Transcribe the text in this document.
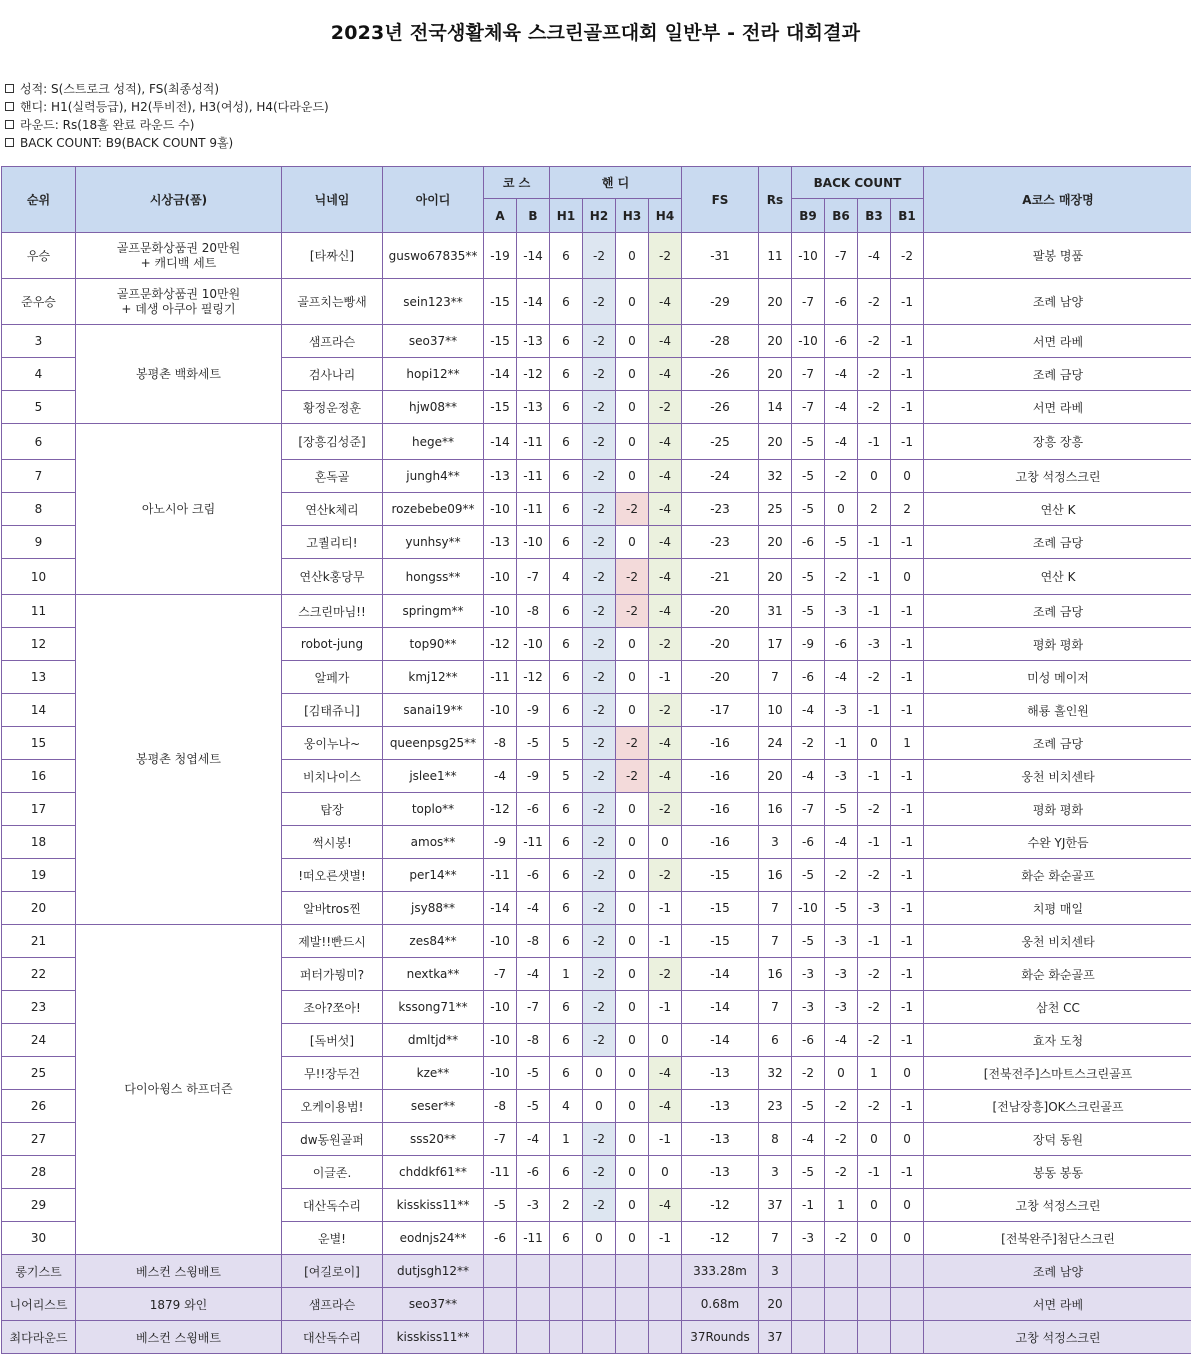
2023년 전국생활체육 스크린골프대회 일반부 - 전라 대회결과
성적: S(스트로크 성적), FS(최종성적)
핸디: H1(실력등급), H2(투비전), H3(여성), H4(다라운드)
라운드: Rs(18홀 완료 라운드 수)
BACK COUNT: B9(BACK COUNT 9홀)
순위	시상금(품)	닉네임	아이디	코 스		핸 디				FS	Rs	BACK COUNT				A코스 매장명
				A	B	H1	H2	H3	H4			B9	B6	B3	B1	
우승	골프문화상품권 20만원
+ 캐디백 세트	[타짜신]	guswo67835**	-19	-14	6	-2	0	-2	-31	11	-10	-7	-4	-2	팔봉 명품
준우승	골프문화상품권 10만원
+ 데생 아쿠아 필링기	골프치는빵새	sein123**	-15	-14	6	-2	0	-4	-29	20	-7	-6	-2	-1	조례 남양
3	봉평촌 백화세트	샘프라슨	seo37**	-15	-13	6	-2	0	-4	-28	20	-10	-6	-2	-1	서면 라베
4		검사나리	hopi12**	-14	-12	6	-2	0	-4	-26	20	-7	-4	-2	-1	조례 금당
5		황정운정훈	hjw08**	-15	-13	6	-2	0	-2	-26	14	-7	-4	-2	-1	서면 라베
6	아노시아 크림	[장흥김성준]	hege**	-14	-11	6	-2	0	-4	-25	20	-5	-4	-1	-1	장흥 장흥
7		혼독골	jungh4**	-13	-11	6	-2	0	-4	-24	32	-5	-2	0	0	고창 석정스크린
8		연산k체리	rozebebe09**	-10	-11	6	-2	-2	-4	-23	25	-5	0	2	2	연산 K
9		고퀄리티!	yunhsy**	-13	-10	6	-2	0	-4	-23	20	-6	-5	-1	-1	조례 금당
10		연산k홍당무	hongss**	-10	-7	4	-2	-2	-4	-21	20	-5	-2	-1	0	연산 K
11	봉평촌 청엽세트	스크린마님!!	springm**	-10	-8	6	-2	-2	-4	-20	31	-5	-3	-1	-1	조례 금당
12		robot-jung	top90**	-12	-10	6	-2	0	-2	-20	17	-9	-6	-3	-1	평화 평화
13		알페가	kmj12**	-11	-12	6	-2	0	-1	-20	7	-6	-4	-2	-1	미성 메이저
14		[김태쥬니]	sanai19**	-10	-9	6	-2	0	-2	-17	10	-4	-3	-1	-1	해룡 홀인원
15		웅이누나~	queenpsg25**	-8	-5	5	-2	-2	-4	-16	24	-2	-1	0	1	조례 금당
16		비치나이스	jslee1**	-4	-9	5	-2	-2	-4	-16	20	-4	-3	-1	-1	웅천 비치센타
17		탑장	toplo**	-12	-6	6	-2	0	-2	-16	16	-7	-5	-2	-1	평화 평화
18		썩시봉!	amos**	-9	-11	6	-2	0	0	-16	3	-6	-4	-1	-1	수완 YJ한듬
19		!떠오른샛별!	per14**	-11	-6	6	-2	0	-2	-15	16	-5	-2	-2	-1	화순 화순골프
20		알바tros찐	jsy88**	-14	-4	6	-2	0	-1	-15	7	-10	-5	-3	-1	치평 매일
21	다이아윙스 하프더즌	제발!!빤드시	zes84**	-10	-8	6	-2	0	-1	-15	7	-5	-3	-1	-1	웅천 비치센타
22		퍼터가뭥미?	nextka**	-7	-4	1	-2	0	-2	-14	16	-3	-3	-2	-1	화순 화순골프
23		조아?쪼아!	kssong71**	-10	-7	6	-2	0	-1	-14	7	-3	-3	-2	-1	삼천 CC
24		[독버섯]	dmltjd**	-10	-8	6	-2	0	0	-14	6	-6	-4	-2	-1	효자 도청
25		무!!장두건	kze**	-10	-5	6	0	0	-4	-13	32	-2	0	1	0	[전북전주]스마트스크린골프
26		오케이용범!	seser**	-8	-5	4	0	0	-4	-13	23	-5	-2	-2	-1	[전남장흥]OK스크린골프
27		dw동원골퍼	sss20**	-7	-4	1	-2	0	-1	-13	8	-4	-2	0	0	장덕 동원
28		이글존.	chddkf61**	-11	-6	6	-2	0	0	-13	3	-5	-2	-1	-1	봉동 봉동
29		대산독수리	kisskiss11**	-5	-3	2	-2	0	-4	-12	37	-1	1	0	0	고창 석정스크린
30		운별!	eodnjs24**	-6	-11	6	0	0	-1	-12	7	-3	-2	0	0	[전북완주]첨단스크린
롱기스트	베스컨 스윙배트	[여길로이]	dutjsgh12**							333.28m	3					조례 남양
니어리스트	1879 와인	샘프라슨	seo37**							0.68m	20					서면 라베
최다라운드	베스컨 스윙배트	대산독수리	kisskiss11**							37Rounds	37					고창 석정스크린
